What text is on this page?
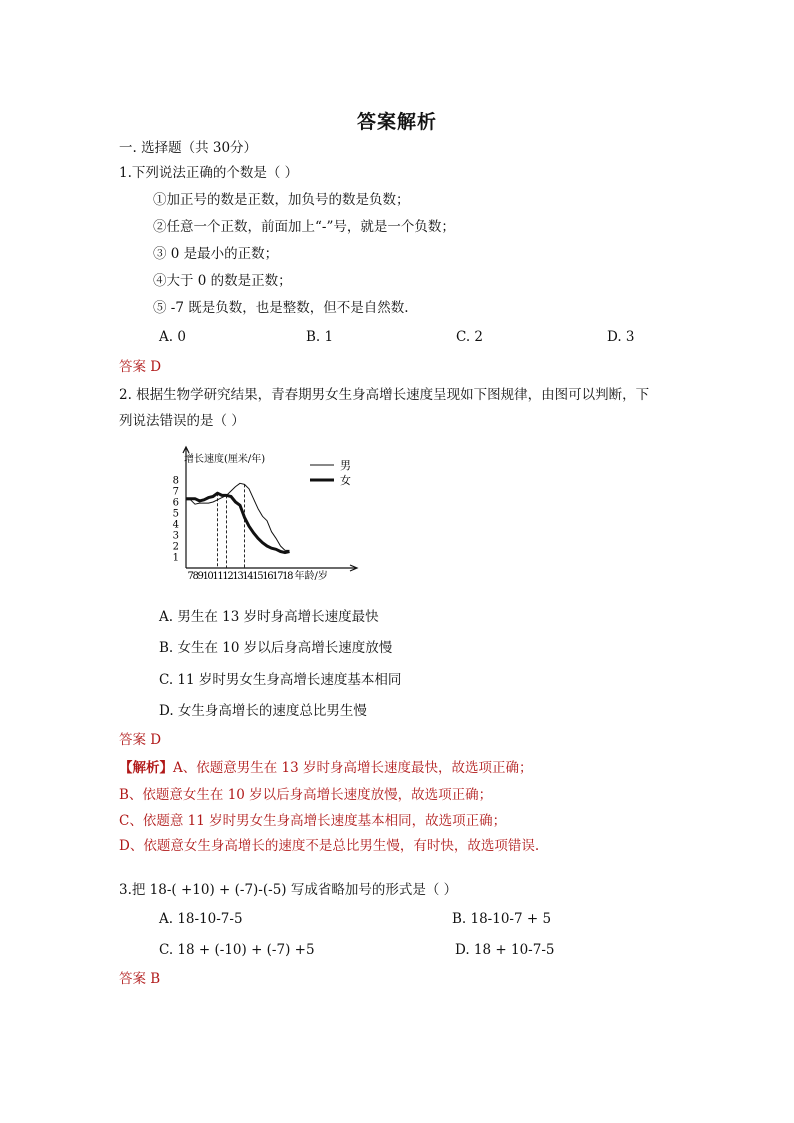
答案解析
一. 选择题（共 30分）
1.下列说法正确的个数是（ ）
①加正号的数是正数，加负号的数是负数；
②任意一个正数，前面加上“-”号，就是一个负数；
③ 0 是最小的正数；
④大于 0 的数是正数；
⑤ -7 既是负数，也是整数，但不是自然数.
A. 0	B. 1	C. 2	D. 3
答案 D
2. 根据生物学研究结果，青春期男女生身高增长速度呈现如下图规律，由图可以判断，下
列说法错误的是（ ）
增长速度(厘米/年)
1
2
3
4
5
6
7
8
789101112131415161718 年龄/岁
男
女
A. 男生在 13 岁时身高增长速度最快
B. 女生在 10 岁以后身高增长速度放慢
C. 11 岁时男女生身高增长速度基本相同
D. 女生身高增长的速度总比男生慢
答案 D
【解析】A、依题意男生在 13 岁时身高增长速度最快，故选项正确；
B、依题意女生在 10 岁以后身高增长速度放慢，故选项正确；
C、依题意 11 岁时男女生身高增长速度基本相同，故选项正确；
D、依题意女生身高增长的速度不是总比男生慢，有时快，故选项错误.
3.把 18-( +10) + (-7)-(-5) 写成省略加号的形式是（ ）
A. 18-10-7-5	B. 18-10-7 + 5
C. 18 + (-10) + (-7) +5	D. 18 + 10-7-5
答案 B
